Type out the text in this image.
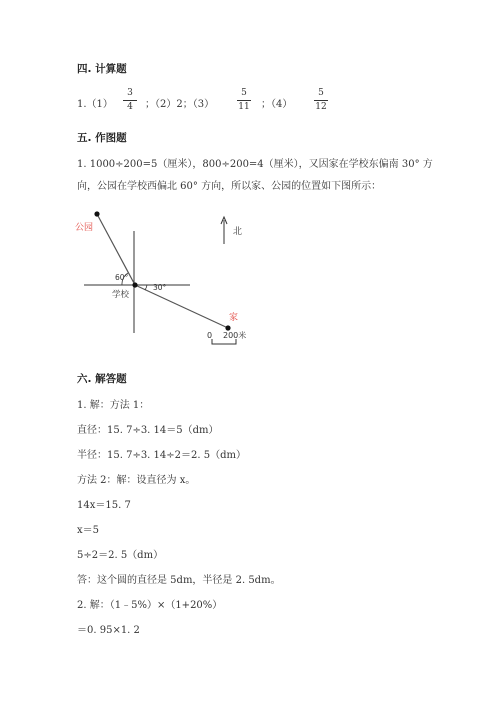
四. 计算题
1.（1）
3
4	；（2）2；（3）
5
11	；（4）
5
12
五. 作图题
1. 1000÷200=5（厘米），800÷200=4（厘米），又因家在学校东偏南 30° 方
向，公园在学校西偏北 60° 方向，所以家、公园的位置如下图所示：
公园
学校
60°
30°
家
北
0 200米
六. 解答题
1. 解：方法 1：
直径：15. 7÷3. 14＝5（dm）
半径：15. 7÷3. 14÷2＝2. 5（dm）
方法 2：解：设直径为 x。
14x＝15. 7
x＝5
5÷2＝2. 5（dm）
答：这个圆的直径是 5dm，半径是 2. 5dm。
2. 解：（1﹣5%）×（1+20%）
＝0. 95×1. 2
